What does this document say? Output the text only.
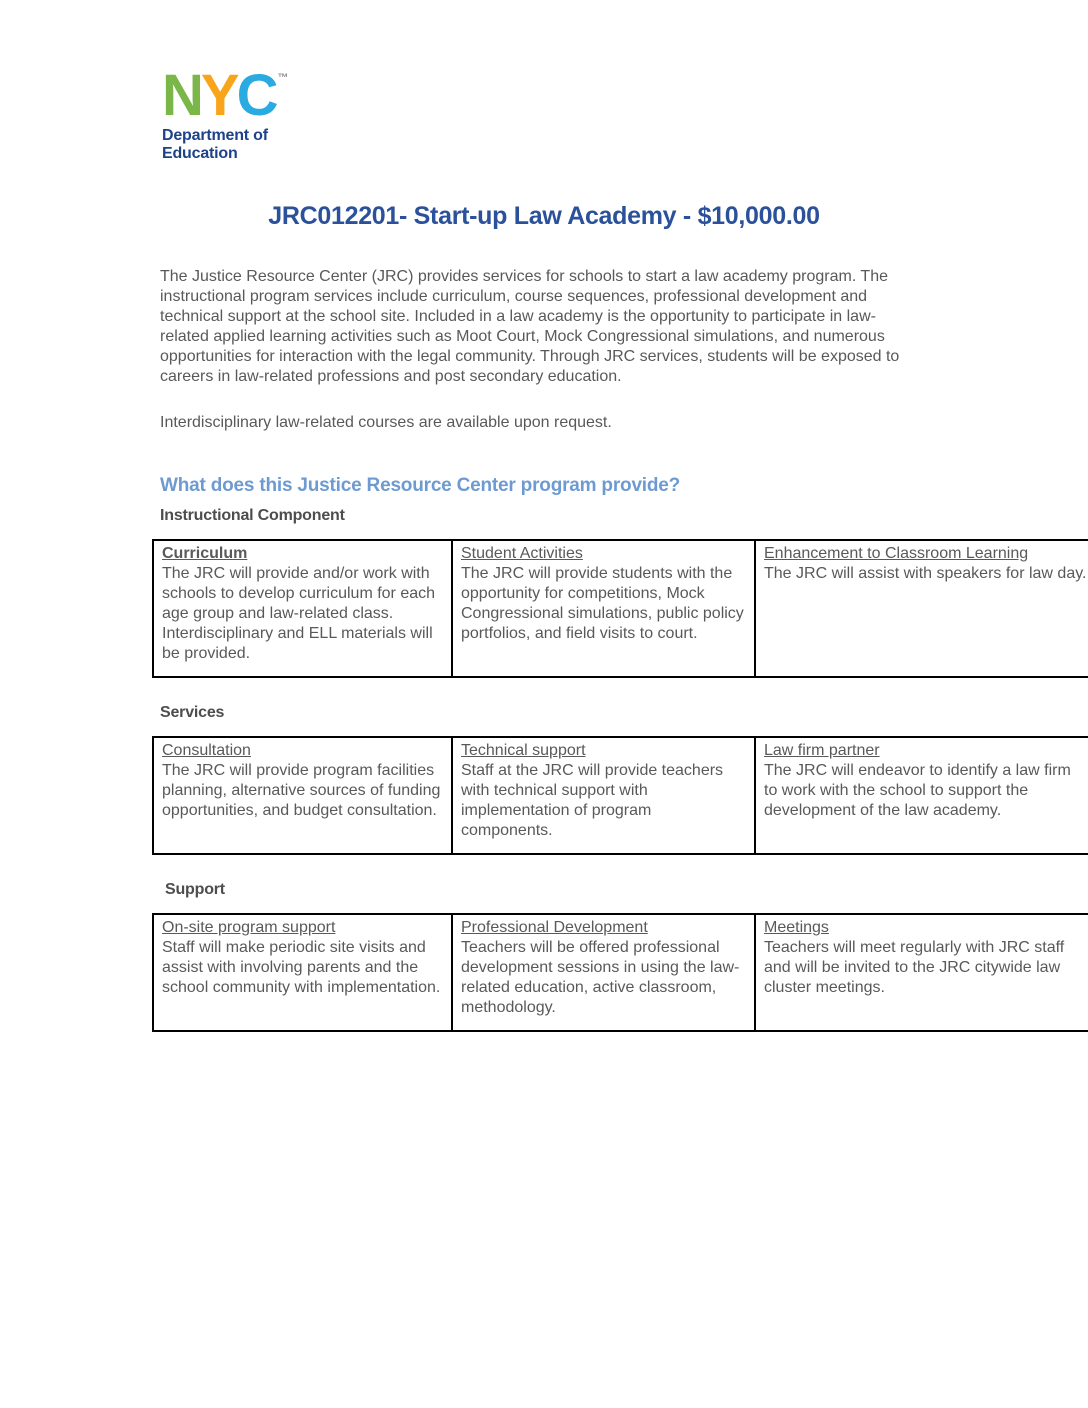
NYC ™
Department of
Education
JRC012201- Start-up Law Academy - $10,000.00

The Justice Resource Center (JRC) provides services for schools to start a law academy program. The instructional program services include curriculum, course sequences, professional development and technical support at the school site. Included in a law academy is the opportunity to participate in law-related applied learning activities such as Moot Court, Mock Congressional simulations, and numerous opportunities for interaction with the legal community. Through JRC services, students will be exposed to careers in law-related professions and post secondary education.

Interdisciplinary law-related courses are available upon request.

What does this Justice Resource Center program provide?
Instructional Component
Curriculum
The JRC will provide and/or work with schools to develop curriculum for each age group and law-related class. Interdisciplinary and ELL materials will be provided.
	Student Activities
The JRC will provide students with the opportunity for competitions, Mock Congressional simulations, public policy portfolios, and field visits to court.
	Enhancement to Classroom Learning
The JRC will assist with speakers for law day.
Services
Consultation
The JRC will provide program facilities planning, alternative sources of funding opportunities, and budget consultation.
	Technical support
Staff at the JRC will provide teachers with technical support with implementation of program components.
	Law firm partner
The JRC will endeavor to identify a law firm to work with the school to support the development of the law academy.
Support
On-site program support
Staff will make periodic site visits and assist with involving parents and the school community with implementation.
	Professional Development
Teachers will be offered professional development sessions in using the law-related education, active classroom, methodology.
	Meetings
Teachers will meet regularly with JRC staff and will be invited to the JRC citywide law cluster meetings.
